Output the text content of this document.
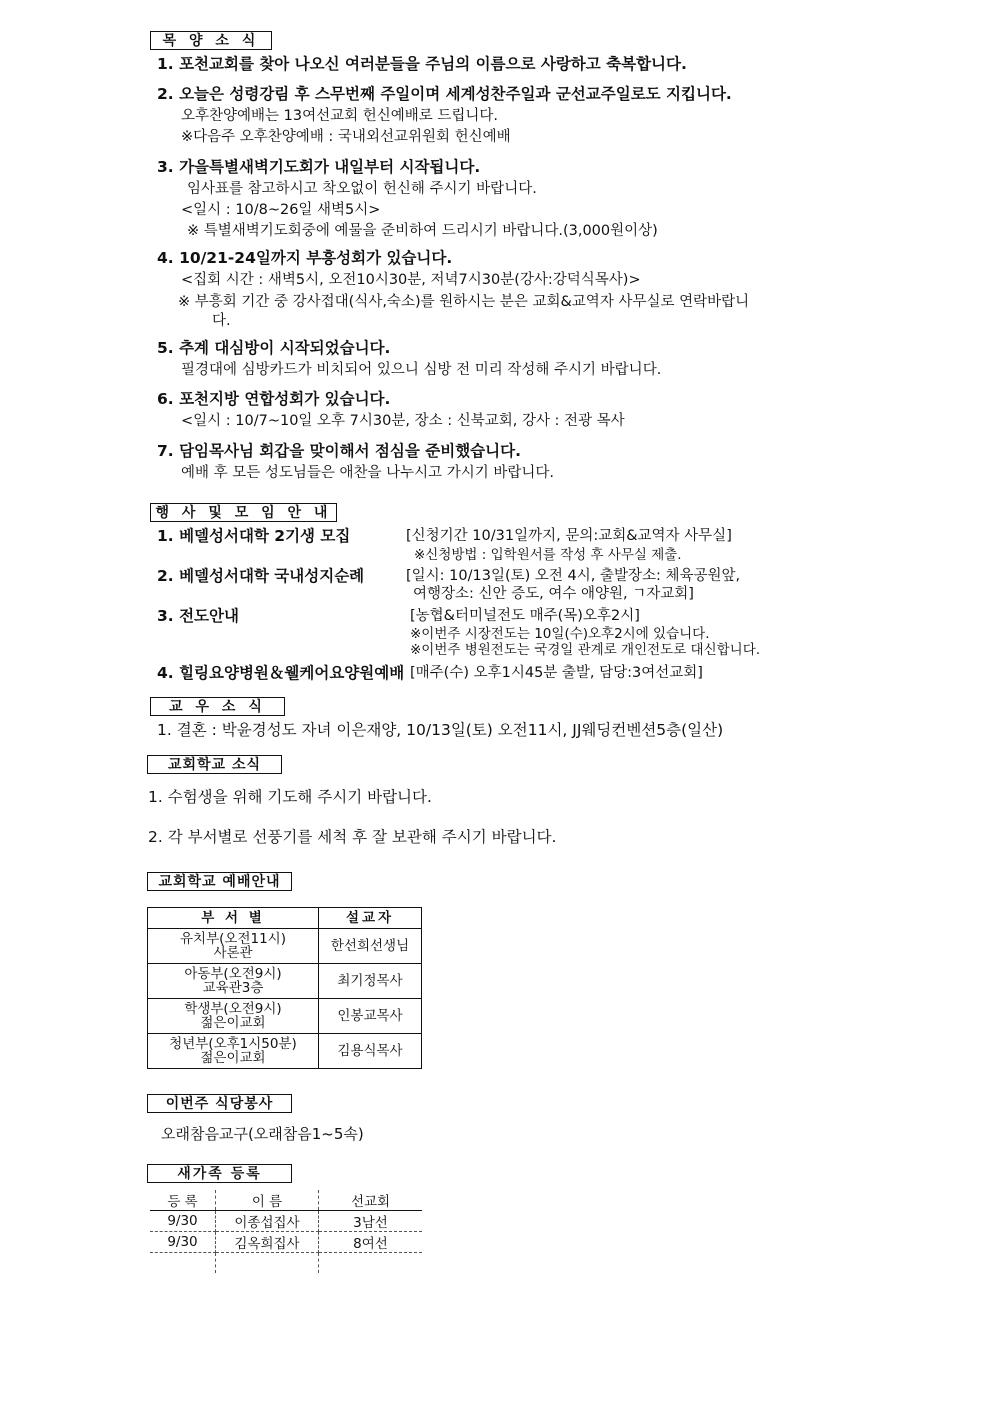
목 양 소 식
1. 포천교회를 찾아 나오신 여러분들을 주님의 이름으로 사랑하고 축복합니다.
2. 오늘은 성령강림 후 스무번째 주일이며 세계성찬주일과 군선교주일로도 지킵니다.
오후찬양예배는 13여선교회 헌신예배로 드립니다.
※다음주 오후찬양예배 : 국내외선교위원회 헌신예배
3. 가을특별새벽기도회가 내일부터 시작됩니다.
임사표를 참고하시고 착오없이 헌신해 주시기 바랍니다.
<일시 : 10/8~26일 새벽5시>
※ 특별새벽기도회중에 예물을 준비하여 드리시기 바랍니다.(3,000원이상)
4. 10/21-24일까지 부흥성회가 있습니다.
<집회 시간 : 새벽5시, 오전10시30분, 저녁7시30분(강사:강덕식목사)>
※ 부흥회 기간 중 강사접대(식사,숙소)를 원하시는 분은 교회&교역자 사무실로 연락바랍니
다.
5. 추계 대심방이 시작되었습니다.
필경대에 심방카드가 비치되어 있으니 심방 전 미리 작성해 주시기 바랍니다.
6. 포천지방 연합성회가 있습니다.
<일시 : 10/7~10일 오후 7시30분, 장소 : 신북교회, 강사 : 전광 목사
7. 담임목사님 회갑을 맞이해서 점심을 준비했습니다.
예배 후 모든 성도님들은 애찬을 나누시고 가시기 바랍니다.
행 사 및 모 임 안 내
1. 베델성서대학 2기생 모집	[신청기간 10/31일까지, 문의:교회&교역자 사무실]
※신청방법 : 입학원서를 작성 후 사무실 제출.
2. 베델성서대학 국내성지순례	[일시: 10/13일(토) 오전 4시, 출발장소: 체육공원앞,
여행장소: 신안 증도, 여수 애양원, ㄱ자교회]
3. 전도안내	[농협&터미널전도 매주(목)오후2시]
※이번주 시장전도는 10일(수)오후2시에 있습니다.
※이번주 병원전도는 국경일 관계로 개인전도로 대신합니다.
4. 힐링요양병원＆웰케어요양원예배 [매주(수) 오후1시45분 출발, 담당:3여선교회]
교 우 소 식
1. 결혼 : 박윤경성도 자녀 이은재양, 10/13일(토) 오전11시, JJ웨딩컨벤션5층(일산)
교회학교 소식
1. 수험생을 위해 기도해 주시기 바랍니다.
2. 각 부서별로 선풍기를 세척 후 잘 보관해 주시기 바랍니다.
교회학교 예배안내
부 서 별	설교자

유치부(오전11시)
사론관	한선희선생님

아동부(오전9시)
교육관3층	최기정목사

학생부(오전9시)
젊은이교회	인봉교목사

청년부(오후1시50분)
젊은이교회	김용식목사
이번주 식당봉사
오래참음교구(오래참음1~5속)
새가족 등록
등 록	이 름	선교회
9/30	이종섭집사	3남선
9/30	김옥희집사	8여선
